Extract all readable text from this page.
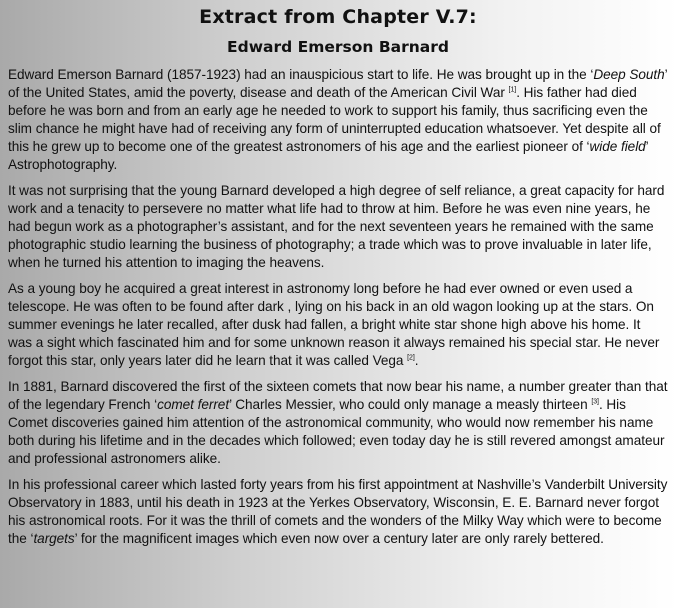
Extract from Chapter V.7:
Edward Emerson Barnard

Edward Emerson Barnard (1857-1923) had an inauspicious start to life. He was brought up in the ‘Deep South’ of the United States, amid the poverty, disease and death of the American Civil War [1]. His father had died before he was born and from an early age he needed to work to support his family, thus sacrificing even the slim chance he might have had of receiving any form of uninterrupted education whatsoever. Yet despite all of this he grew up to become one of the greatest astronomers of his age and the earliest pioneer of ‘wide field’ Astrophotography.

It was not surprising that the young Barnard developed a high degree of self reliance, a great capacity for hard work and a tenacity to persevere no matter what life had to throw at him. Before he was even nine years, he had begun work as a photographer’s assistant, and for the next seventeen years he remained with the same photographic studio learning the business of photography; a trade which was to prove invaluable in later life, when he turned his attention to imaging the heavens.

As a young boy he acquired a great interest in astronomy long before he had ever owned or even used a telescope. He was often to be found after dark , lying on his back in an old wagon looking up at the stars. On summer evenings he later recalled, after dusk had fallen, a bright white star shone high above his home. It was a sight which fascinated him and for some unknown reason it always remained his special star. He never forgot this star, only years later did he learn that it was called Vega [2].

In 1881, Barnard discovered the first of the sixteen comets that now bear his name, a number greater than that of the legendary French ‘comet ferret’ Charles Messier, who could only manage a measly thirteen [3]. His Comet discoveries gained him attention of the astronomical community, who would now remember his name both during his lifetime and in the decades which followed; even today day he is still revered amongst amateur and professional astronomers alike.

In his professional career which lasted forty years from his first appointment at Nashville’s Vanderbilt University Observatory in 1883, until his death in 1923 at the Yerkes Observatory, Wisconsin, E. E. Barnard never forgot his astronomical roots. For it was the thrill of comets and the wonders of the Milky Way which were to become the ‘targets’ for the magnificent images which even now over a century later are only rarely bettered.
